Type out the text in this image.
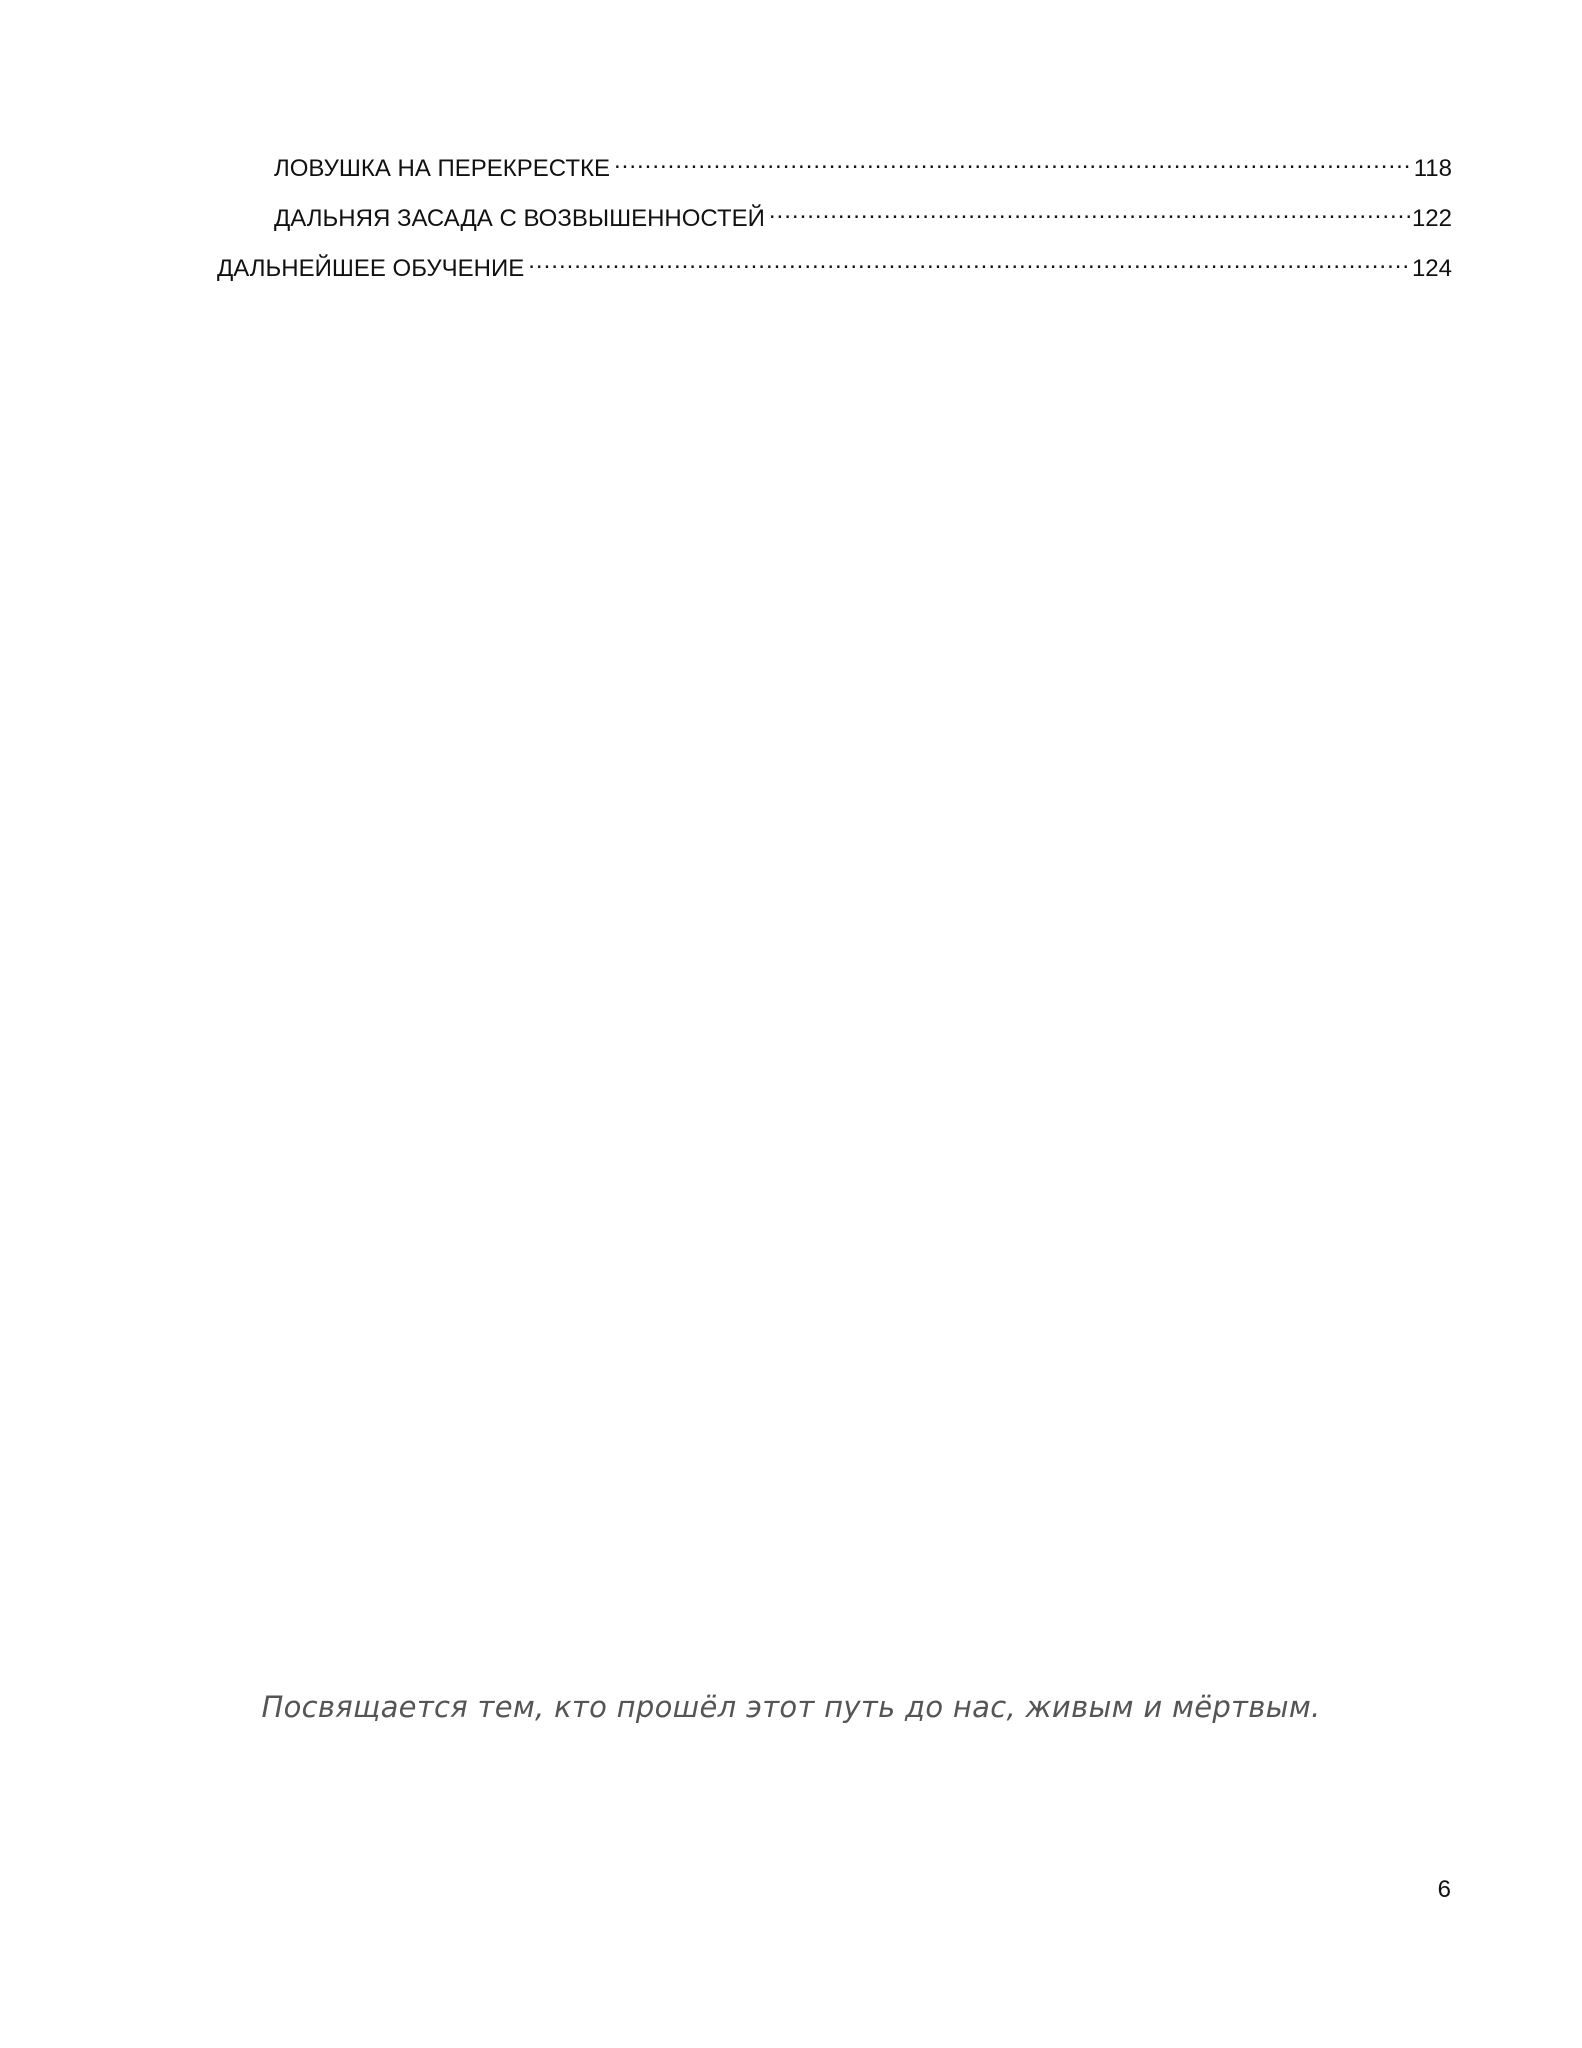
ЛОВУШКА НА ПЕРЕКРЕСТКЕ .....	118
ДАЛЬНЯЯ ЗАСАДА С ВОЗВЫШЕННОСТЕЙ .....	122
ДАЛЬНЕЙШЕЕ ОБУЧЕНИЕ .....	124
Посвящается тем, кто прошёл этот путь до нас, живым и мёртвым.
6
